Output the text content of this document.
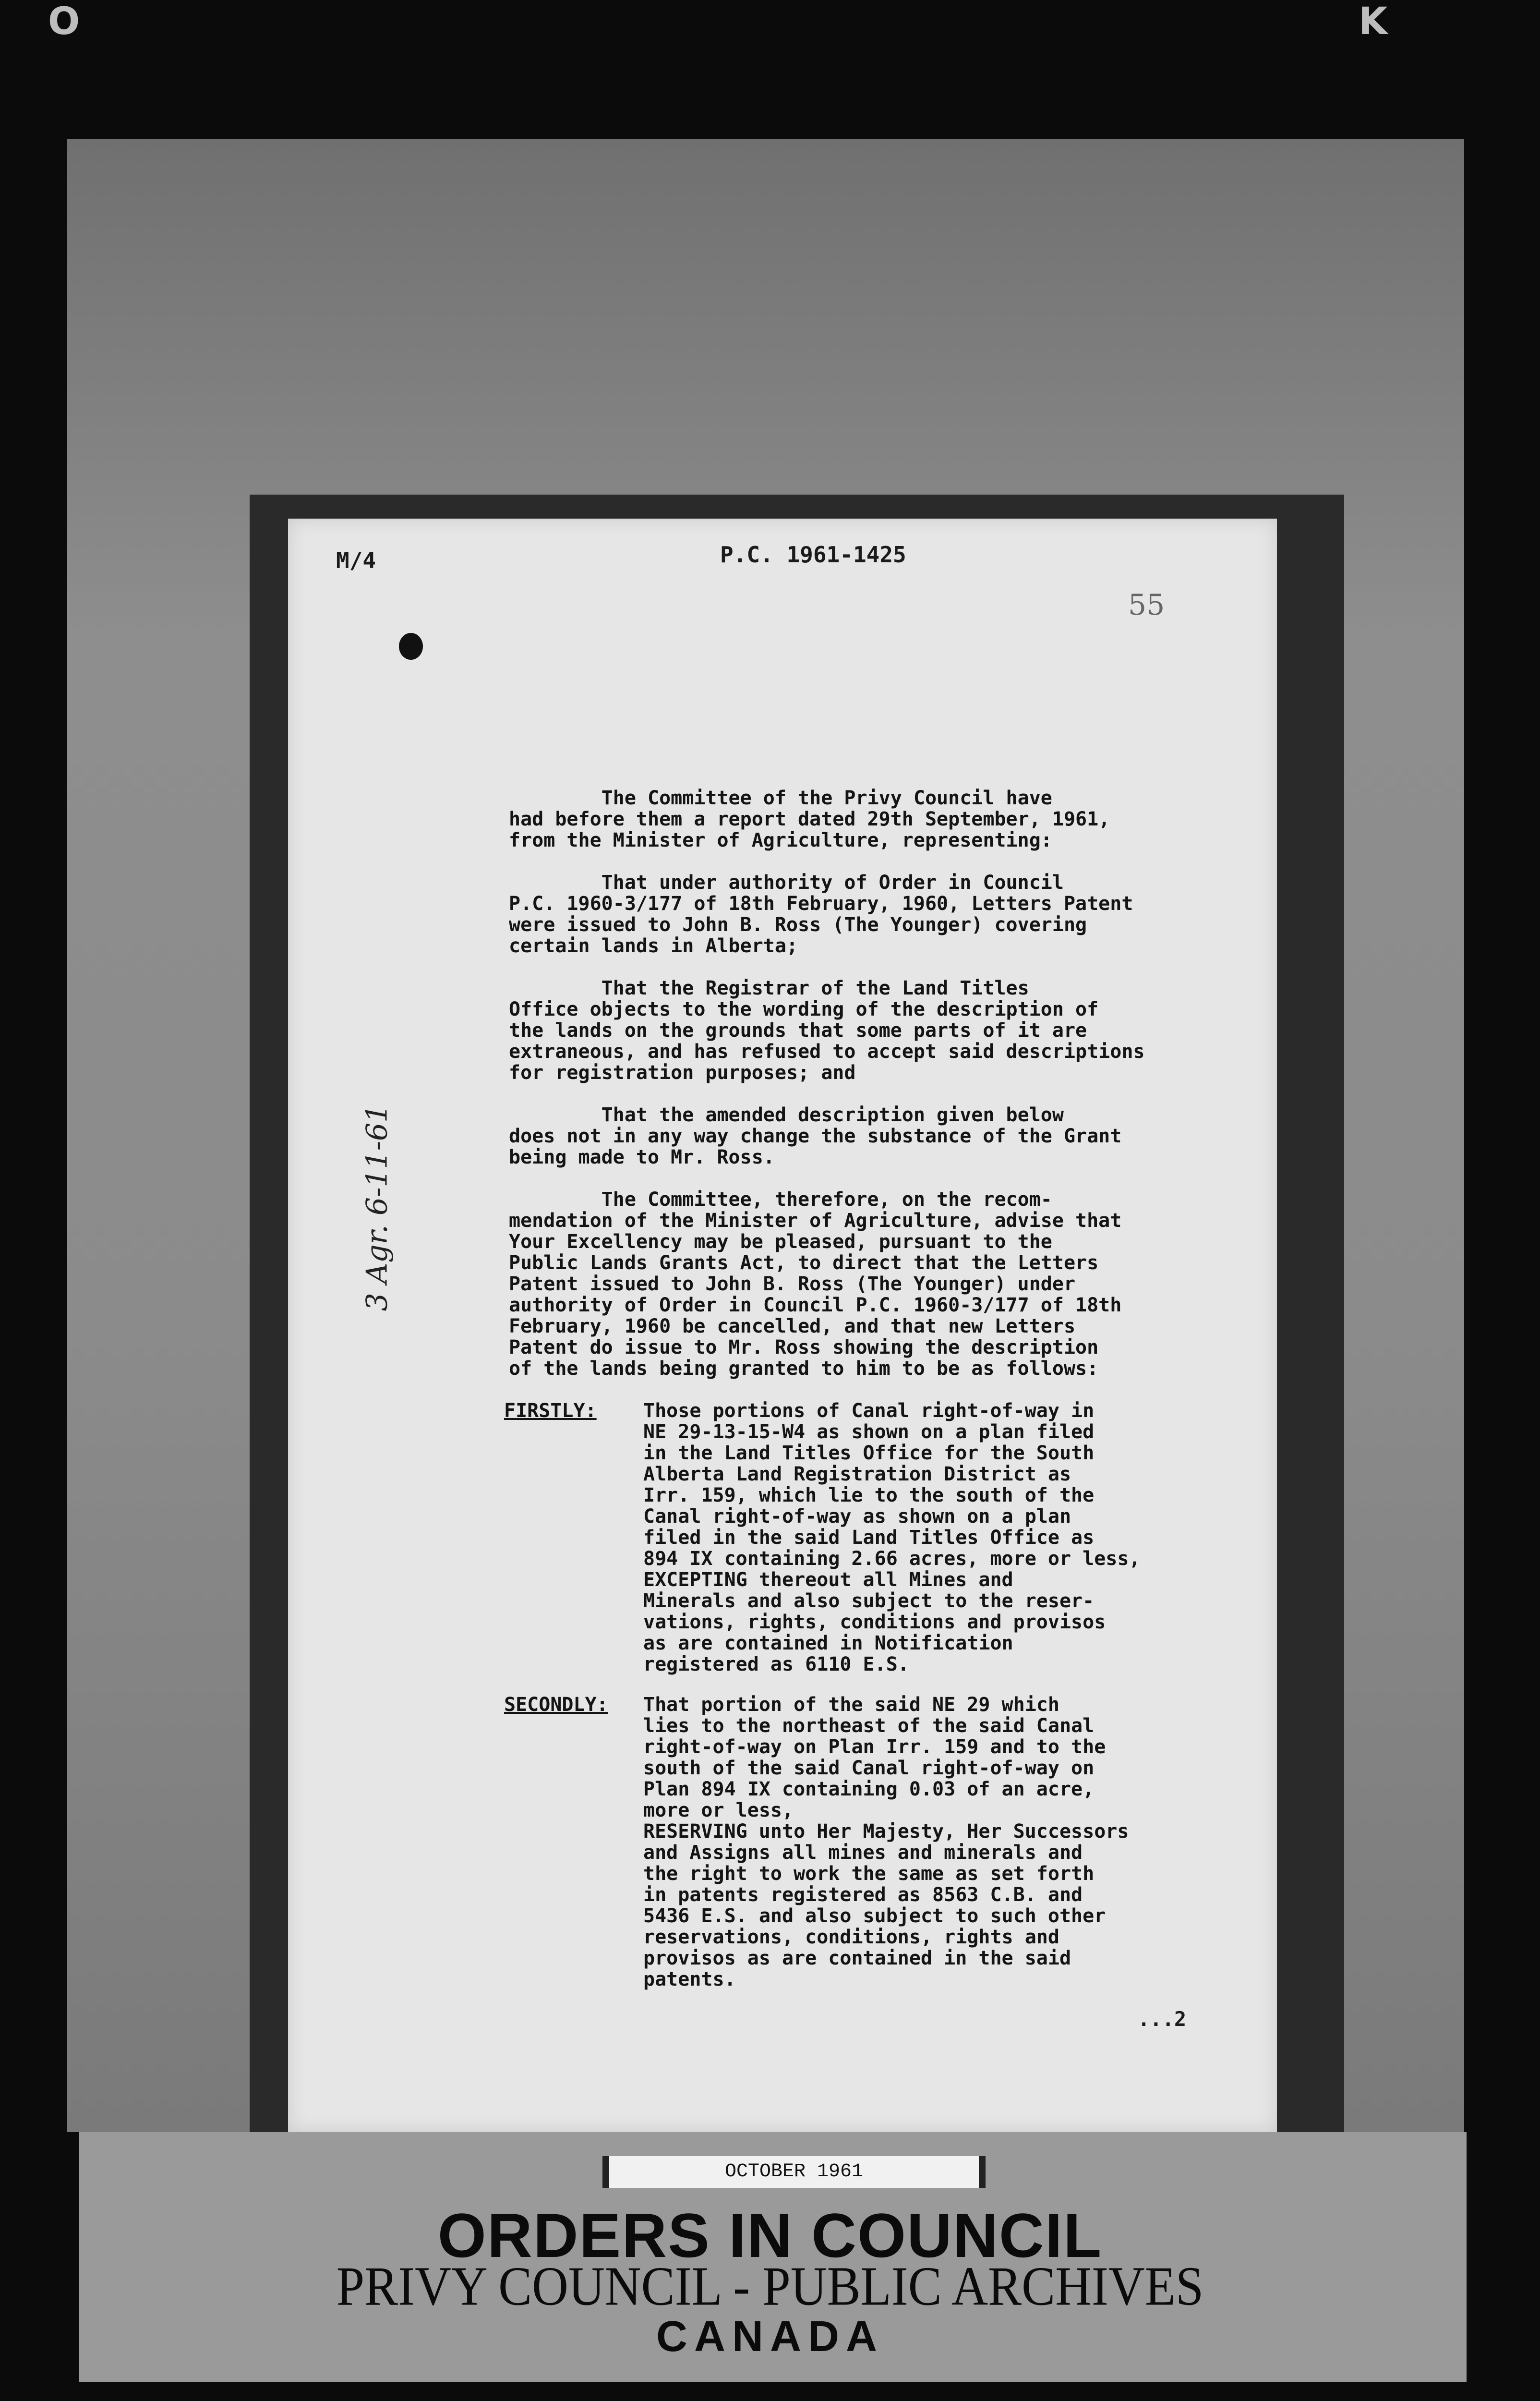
O	K
M/4	P.C. 1961-1425
55
3 Agr. 6-11-61

The Committee of the Privy Council have
had before them a report dated 29th September, 1961,
from the Minister of Agriculture, representing:

That under authority of Order in Council
P.C. 1960-3/177 of 18th February, 1960, Letters Patent
were issued to John B. Ross (The Younger) covering
certain lands in Alberta;

That the Registrar of the Land Titles
Office objects to the wording of the description of
the lands on the grounds that some parts of it are
extraneous, and has refused to accept said descriptions
for registration purposes; and

That the amended description given below
does not in any way change the substance of the Grant
being made to Mr. Ross.

The Committee, therefore, on the recom-
mendation of the Minister of Agriculture, advise that
Your Excellency may be pleased, pursuant to the
Public Lands Grants Act, to direct that the Letters
Patent issued to John B. Ross (The Younger) under
authority of Order in Council P.C. 1960-3/177 of 18th
February, 1960 be cancelled, and that new Letters
Patent do issue to Mr. Ross showing the description
of the lands being granted to him to be as follows:

FIRSTLY:	Those portions of Canal right-of-way in
NE 29-13-15-W4 as shown on a plan filed
in the Land Titles Office for the South
Alberta Land Registration District as
Irr. 159, which lie to the south of the
Canal right-of-way as shown on a plan
filed in the said Land Titles Office as
894 IX containing 2.66 acres, more or less,
EXCEPTING thereout all Mines and
Minerals and also subject to the reser-
vations, rights, conditions and provisos
as are contained in Notification
registered as 6110 E.S.
SECONDLY:	That portion of the said NE 29 which
lies to the northeast of the said Canal
right-of-way on Plan Irr. 159 and to the
south of the said Canal right-of-way on
Plan 894 IX containing 0.03 of an acre,
more or less,
RESERVING unto Her Majesty, Her Successors
and Assigns all mines and minerals and
the right to work the same as set forth
in patents registered as 8563 C.B. and
5436 E.S. and also subject to such other
reservations, conditions, rights and
provisos as are contained in the said
patents.
...2
OCTOBER 1961
ORDERS IN COUNCIL
PRIVY COUNCIL - PUBLIC ARCHIVES
CANADA
